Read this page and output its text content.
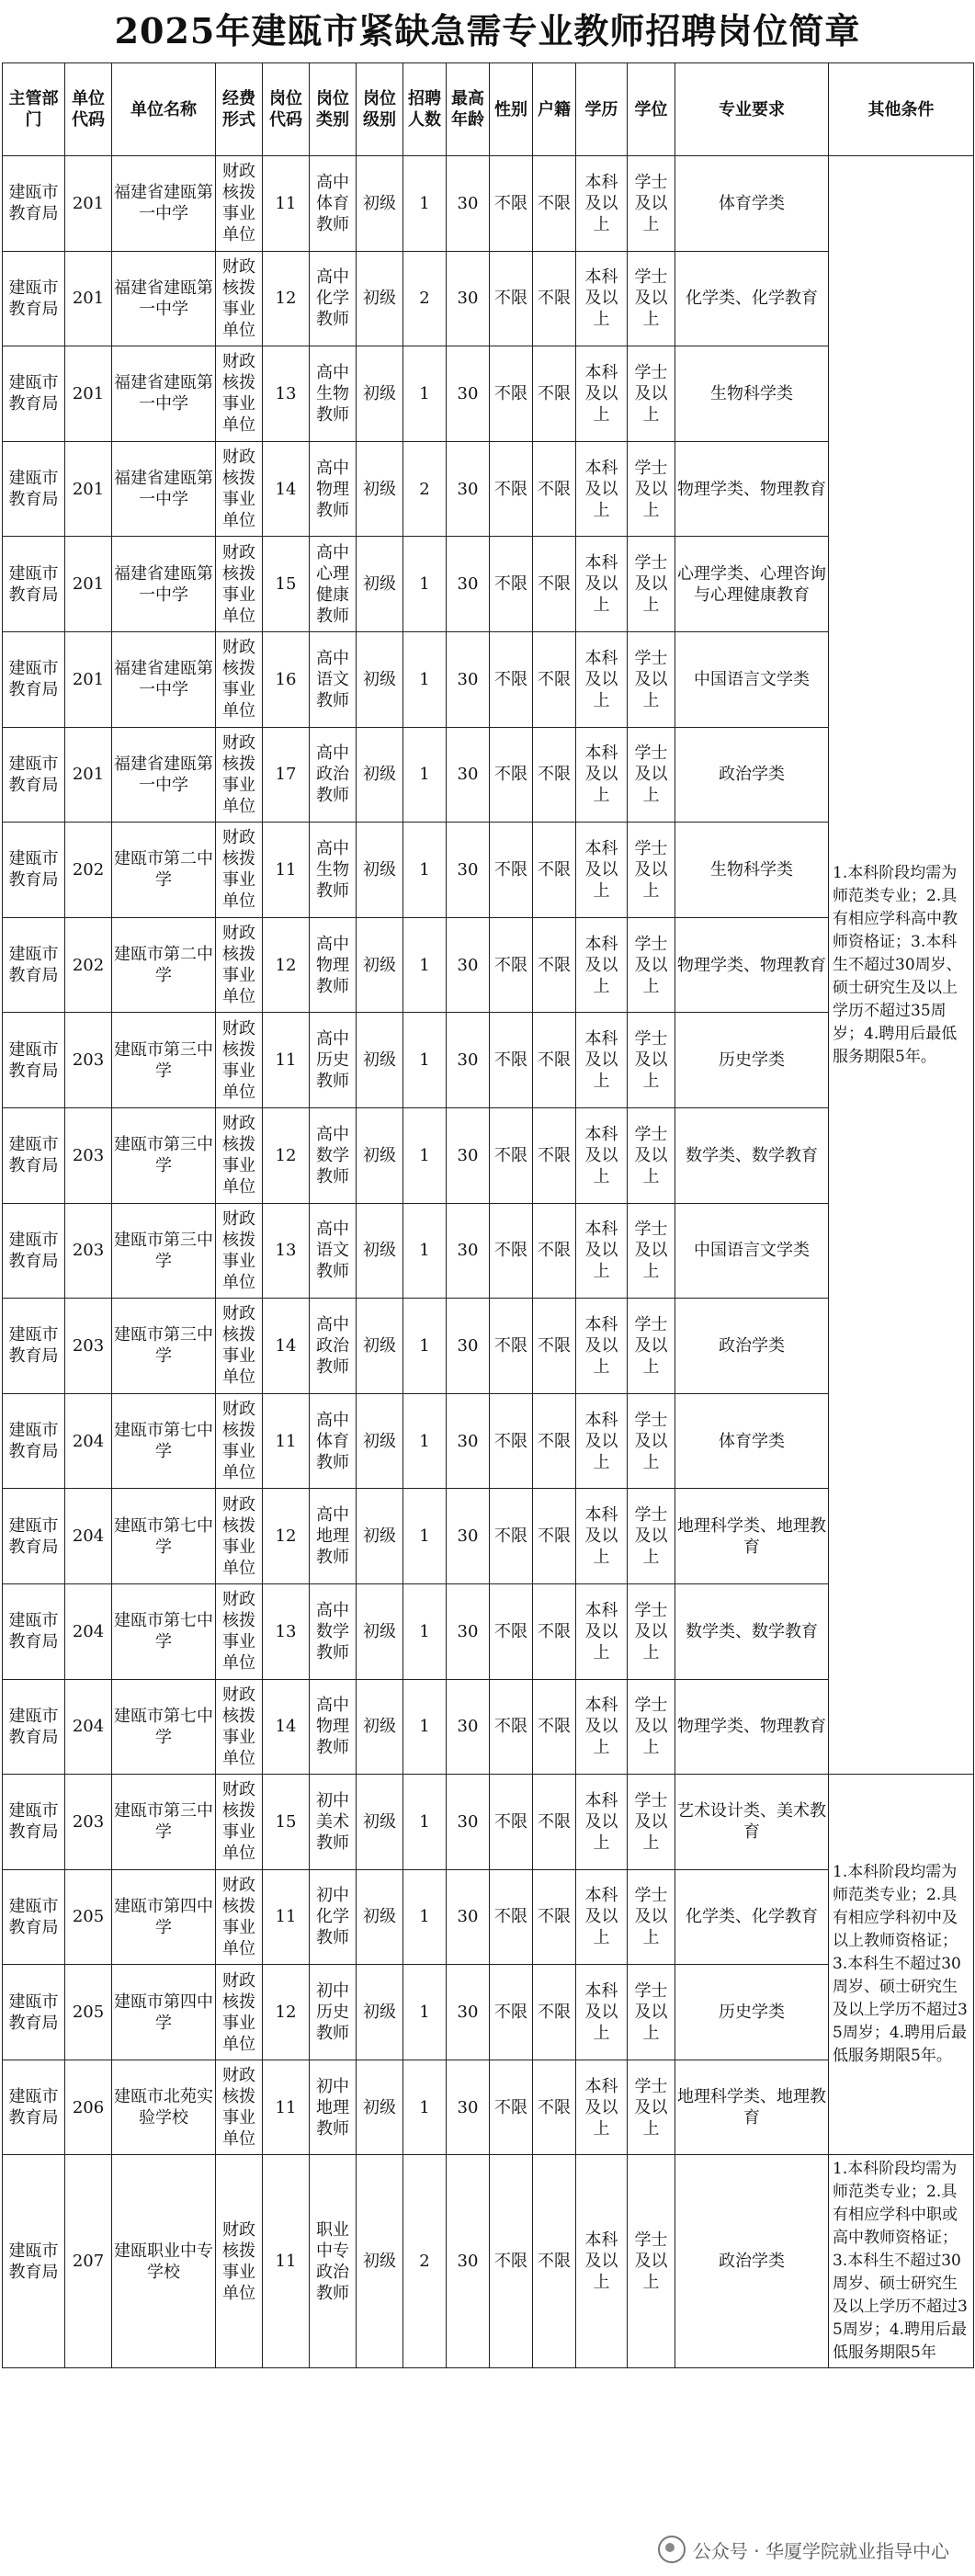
2025年建瓯市紧缺急需专业教师招聘岗位简章
主管部门	单位代码	单位名称	经费形式	岗位代码	岗位类别	岗位级别	招聘人数	最高年龄	性别	户籍	学历	学位	专业要求	其他条件
建瓯市教育局	201	福建省建瓯第一中学	财政核拨事业单位	11	高中体育教师	初级	1	30	不限	不限	本科及以上	学士及以上	体育学类	1.本科阶段均需为师范类专业；2.具有相应学科高中教师资格证；3.本科生不超过30周岁、硕士研究生及以上学历不超过35周岁；4.聘用后最低服务期限5年。
建瓯市教育局	201	福建省建瓯第一中学	财政核拨事业单位	12	高中化学教师	初级	2	30	不限	不限	本科及以上	学士及以上	化学类、化学教育	
建瓯市教育局	201	福建省建瓯第一中学	财政核拨事业单位	13	高中生物教师	初级	1	30	不限	不限	本科及以上	学士及以上	生物科学类	
建瓯市教育局	201	福建省建瓯第一中学	财政核拨事业单位	14	高中物理教师	初级	2	30	不限	不限	本科及以上	学士及以上	物理学类、物理教育	
建瓯市教育局	201	福建省建瓯第一中学	财政核拨事业单位	15	高中心理健康教师	初级	1	30	不限	不限	本科及以上	学士及以上	心理学类、心理咨询与心理健康教育	
建瓯市教育局	201	福建省建瓯第一中学	财政核拨事业单位	16	高中语文教师	初级	1	30	不限	不限	本科及以上	学士及以上	中国语言文学类	
建瓯市教育局	201	福建省建瓯第一中学	财政核拨事业单位	17	高中政治教师	初级	1	30	不限	不限	本科及以上	学士及以上	政治学类	
建瓯市教育局	202	建瓯市第二中学	财政核拨事业单位	11	高中生物教师	初级	1	30	不限	不限	本科及以上	学士及以上	生物科学类	
建瓯市教育局	202	建瓯市第二中学	财政核拨事业单位	12	高中物理教师	初级	1	30	不限	不限	本科及以上	学士及以上	物理学类、物理教育	
建瓯市教育局	203	建瓯市第三中学	财政核拨事业单位	11	高中历史教师	初级	1	30	不限	不限	本科及以上	学士及以上	历史学类	
建瓯市教育局	203	建瓯市第三中学	财政核拨事业单位	12	高中数学教师	初级	1	30	不限	不限	本科及以上	学士及以上	数学类、数学教育	
建瓯市教育局	203	建瓯市第三中学	财政核拨事业单位	13	高中语文教师	初级	1	30	不限	不限	本科及以上	学士及以上	中国语言文学类	
建瓯市教育局	203	建瓯市第三中学	财政核拨事业单位	14	高中政治教师	初级	1	30	不限	不限	本科及以上	学士及以上	政治学类	
建瓯市教育局	204	建瓯市第七中学	财政核拨事业单位	11	高中体育教师	初级	1	30	不限	不限	本科及以上	学士及以上	体育学类	
建瓯市教育局	204	建瓯市第七中学	财政核拨事业单位	12	高中地理教师	初级	1	30	不限	不限	本科及以上	学士及以上	地理科学类、地理教育	
建瓯市教育局	204	建瓯市第七中学	财政核拨事业单位	13	高中数学教师	初级	1	30	不限	不限	本科及以上	学士及以上	数学类、数学教育	
建瓯市教育局	204	建瓯市第七中学	财政核拨事业单位	14	高中物理教师	初级	1	30	不限	不限	本科及以上	学士及以上	物理学类、物理教育	
建瓯市教育局	203	建瓯市第三中学	财政核拨事业单位	15	初中美术教师	初级	1	30	不限	不限	本科及以上	学士及以上	艺术设计类、美术教育	1.本科阶段均需为师范类专业；2.具有相应学科初中及以上教师资格证；3.本科生不超过30周岁、硕士研究生及以上学历不超过35周岁；4.聘用后最低服务期限5年。
建瓯市教育局	205	建瓯市第四中学	财政核拨事业单位	11	初中化学教师	初级	1	30	不限	不限	本科及以上	学士及以上	化学类、化学教育	
建瓯市教育局	205	建瓯市第四中学	财政核拨事业单位	12	初中历史教师	初级	1	30	不限	不限	本科及以上	学士及以上	历史学类	
建瓯市教育局	206	建瓯市北苑实验学校	财政核拨事业单位	11	初中地理教师	初级	1	30	不限	不限	本科及以上	学士及以上	地理科学类、地理教育	
建瓯市教育局	207	建瓯职业中专学校	财政核拨事业单位	11	职业中专政治教师	初级	2	30	不限	不限	本科及以上	学士及以上	政治学类	1.本科阶段均需为师范类专业；2.具有相应学科中职或高中教师资格证；3.本科生不超过30周岁、硕士研究生及以上学历不超过35周岁；4.聘用后最低服务期限5年
公众号 · 华厦学院就业指导中心
